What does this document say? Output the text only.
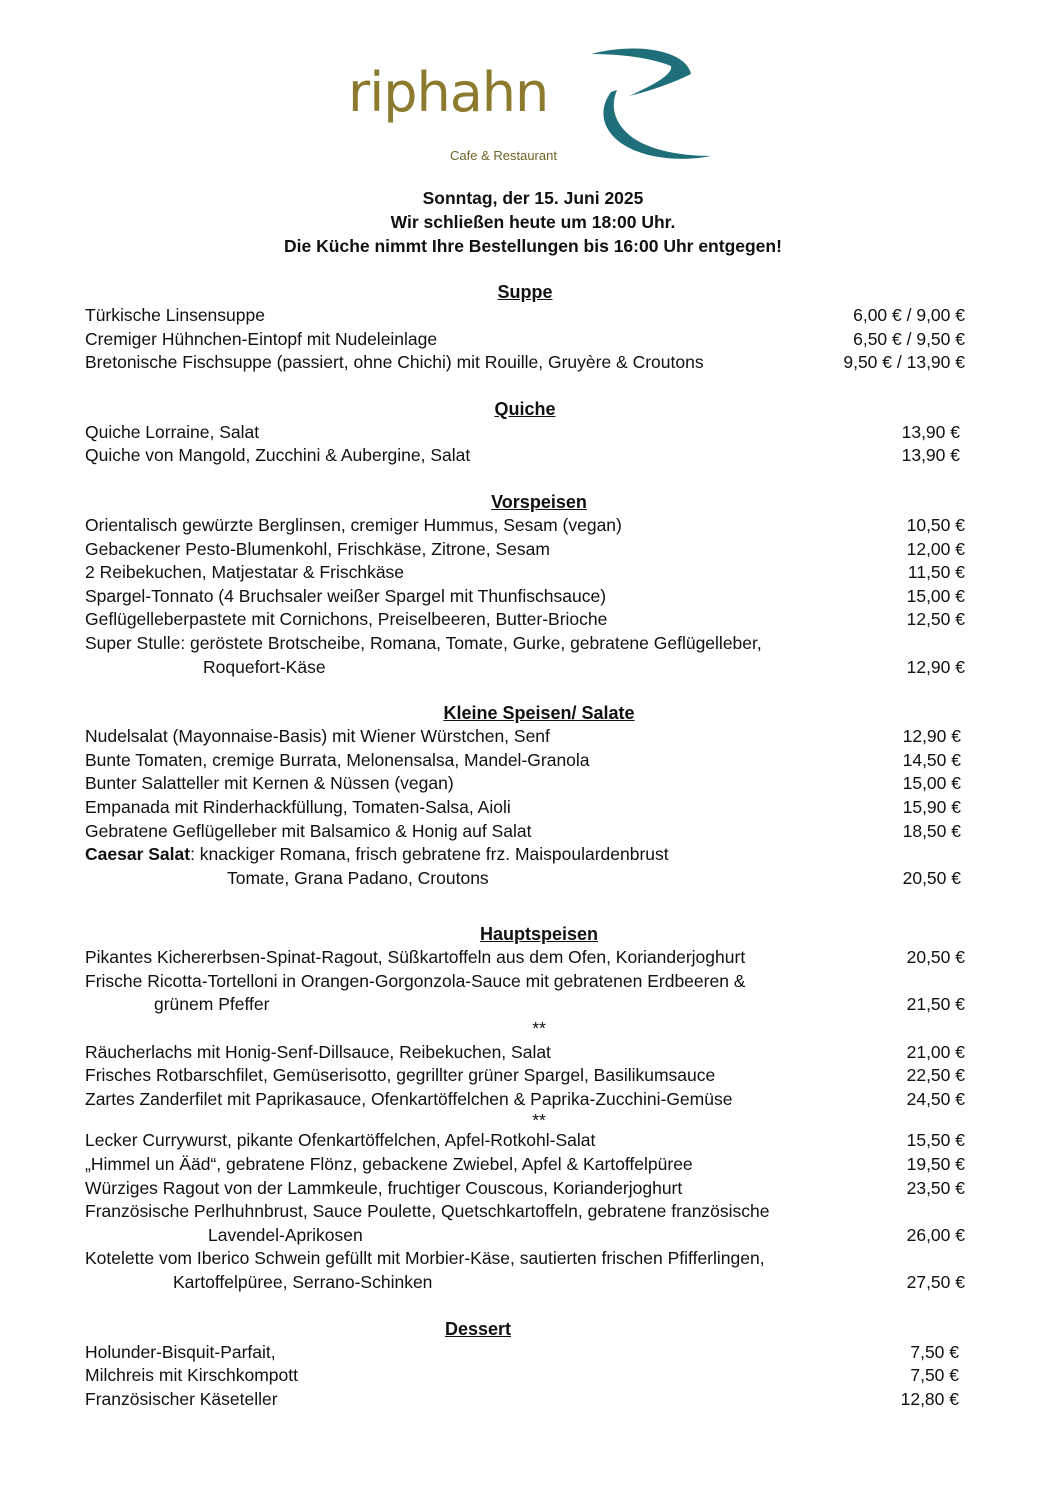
riphahn
Cafe & Restaurant
Sonntag, der 15. Juni 2025
Wir schließen heute um 18:00 Uhr.
Die Küche nimmt Ihre Bestellungen bis 16:00 Uhr entgegen!
Suppe
Türkische Linsensuppe	6,00 € / 9,00 €
Cremiger Hühnchen-Eintopf mit Nudeleinlage	6,50 € / 9,50 €
Bretonische Fischsuppe (passiert, ohne Chichi) mit Rouille, Gruyère & Croutons	9,50 € / 13,90 €
Quiche
Quiche Lorraine, Salat	13,90 €
Quiche von Mangold, Zucchini & Aubergine, Salat	13,90 €
Vorspeisen
Orientalisch gewürzte Berglinsen, cremiger Hummus, Sesam (vegan)	10,50 €
Gebackener Pesto-Blumenkohl, Frischkäse, Zitrone, Sesam	12,00 €
2 Reibekuchen, Matjestatar & Frischkäse	11,50 €
Spargel-Tonnato (4 Bruchsaler weißer Spargel mit Thunfischsauce)	15,00 €
Geflügelleberpastete mit Cornichons, Preiselbeeren, Butter-Brioche	12,50 €
Super Stulle: geröstete Brotscheibe, Romana, Tomate, Gurke, gebratene Geflügelleber,
Roquefort-Käse	12,90 €
Kleine Speisen/ Salate
Nudelsalat (Mayonnaise-Basis) mit Wiener Würstchen, Senf	12,90 €
Bunte Tomaten, cremige Burrata, Melonensalsa, Mandel-Granola	14,50 €
Bunter Salatteller mit Kernen & Nüssen (vegan)	15,00 €
Empanada mit Rinderhackfüllung, Tomaten-Salsa, Aioli	15,90 €
Gebratene Geflügelleber mit Balsamico & Honig auf Salat	18,50 €
Caesar Salat: knackiger Romana, frisch gebratene frz. Maispoulardenbrust
Tomate, Grana Padano, Croutons	20,50 €
Hauptspeisen
Pikantes Kichererbsen-Spinat-Ragout, Süßkartoffeln aus dem Ofen, Korianderjoghurt	20,50 €
Frische Ricotta-Tortelloni in Orangen-Gorgonzola-Sauce mit gebratenen Erdbeeren &
grünem Pfeffer	21,50 €
**
Räucherlachs mit Honig-Senf-Dillsauce, Reibekuchen, Salat	21,00 €
Frisches Rotbarschfilet, Gemüserisotto, gegrillter grüner Spargel, Basilikumsauce	22,50 €
Zartes Zanderfilet mit Paprikasauce, Ofenkartöffelchen & Paprika-Zucchini-Gemüse	24,50 €
**
Lecker Currywurst, pikante Ofenkartöffelchen, Apfel-Rotkohl-Salat	15,50 €
„Himmel un Ääd“, gebratene Flönz, gebackene Zwiebel, Apfel & Kartoffelpüree	19,50 €
Würziges Ragout von der Lammkeule, fruchtiger Couscous, Korianderjoghurt	23,50 €
Französische Perlhuhnbrust, Sauce Poulette, Quetschkartoffeln, gebratene französische
Lavendel-Aprikosen	26,00 €
Kotelette vom Iberico Schwein gefüllt mit Morbier-Käse, sautierten frischen Pfifferlingen,
Kartoffelpüree, Serrano-Schinken	27,50 €
Dessert
Holunder-Bisquit-Parfait,	7,50 €
Milchreis mit Kirschkompott	7,50 €
Französischer Käseteller	12,80 €
